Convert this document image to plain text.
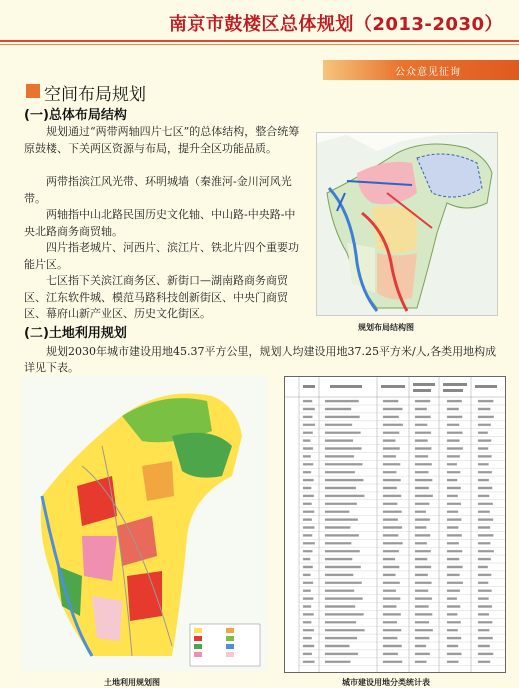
南京市鼓楼区总体规划（2013-2030）
公众意见征询
空间布局规划
(一)总体布局结构

规划通过“两带两轴四片七区”的总体结构，整合统筹原鼓楼、下关两区资源与布局，提升全区功能品质。

两带指滨江风光带、环明城墙（秦淮河-金川河风光带。

两轴指中山北路民国历史文化轴、中山路-中央路-中央北路商务商贸轴。

四片指老城片、河西片、滨江片、铁北片四个重要功能片区。

七区指下关滨江商务区、新街口—湖南路商务商贸区、江东软件城、模范马路科技创新街区、中央门商贸区、幕府山新产业区、历史文化街区。

规划布局结构图
(二)土地利用规划

规划2030年城市建设用地45.37平方公里，规划人均建设用地37.25平方米/人,各类用地构成详见下表。

土地利用规划图	城市建设用地分类统计表
